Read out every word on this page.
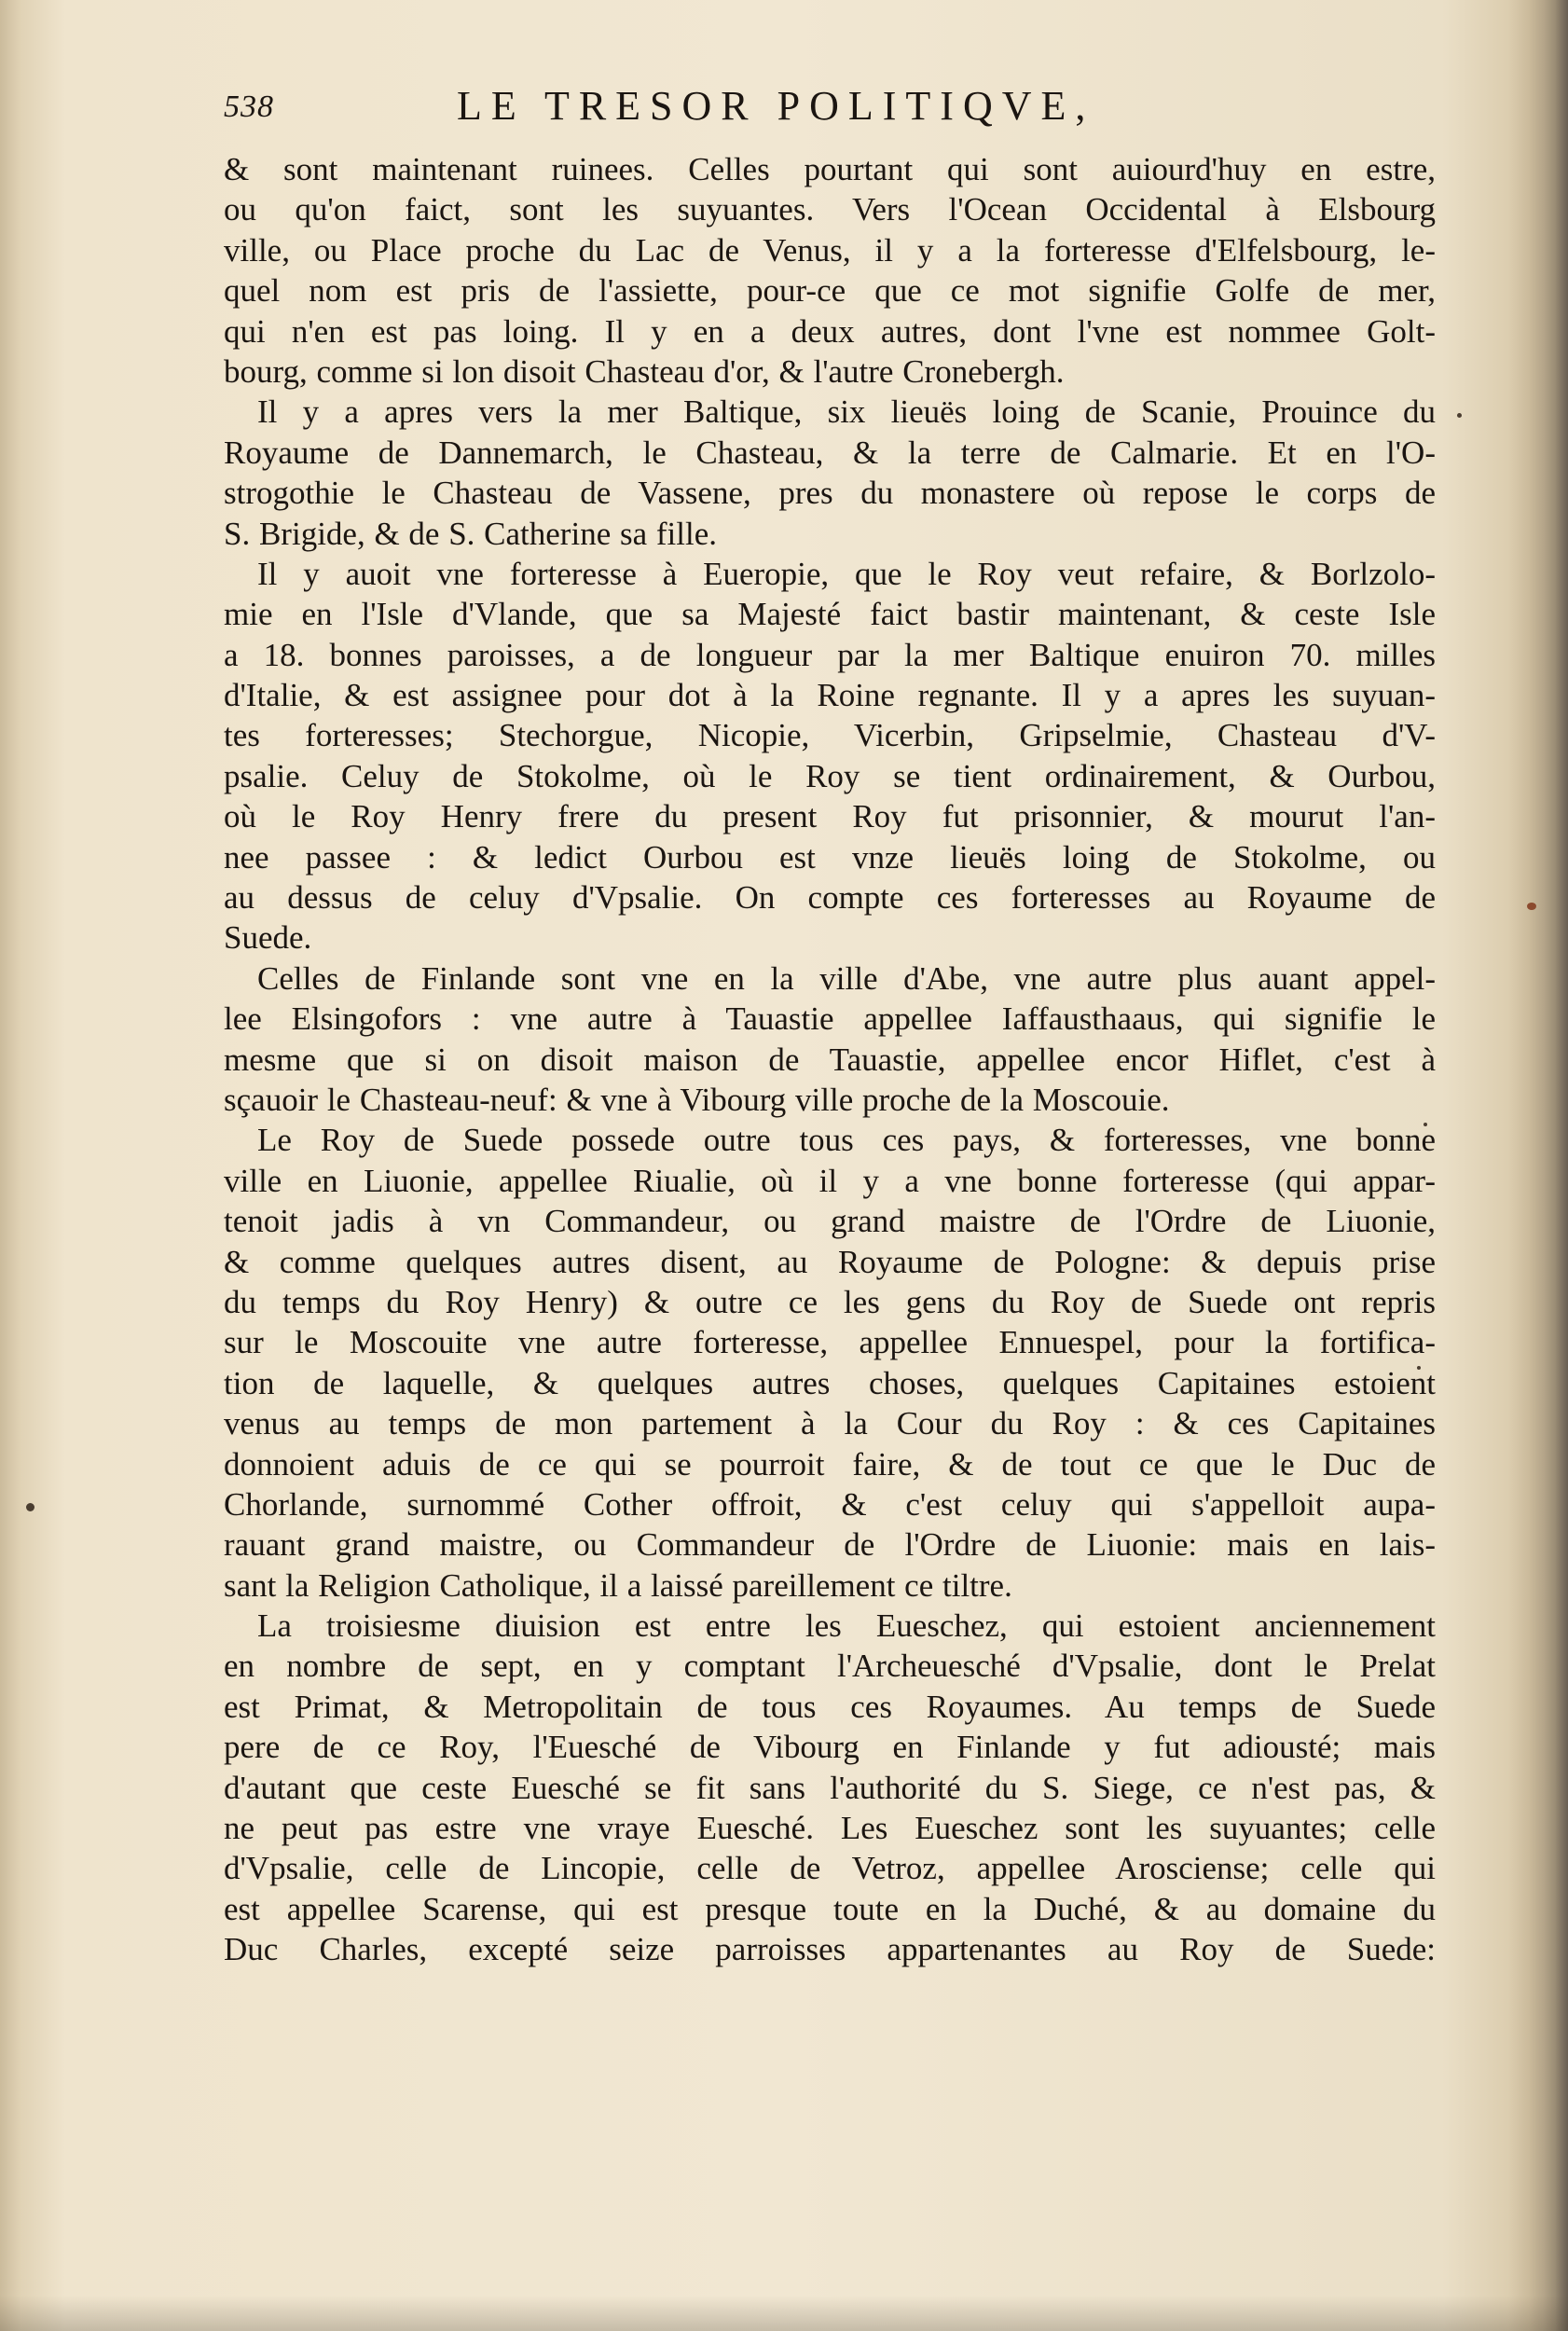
538	LE TRESOR POLITIQVE,
& sont maintenant ruinees. Celles pourtant qui sont auiourd'huy en estre,
ou qu'on faict, sont les suyuantes. Vers l'Ocean Occidental à Elsbourg
ville, ou Place proche du Lac de Venus, il y a la forteresse d'Elfelsbourg, le-
quel nom est pris de l'assiette, pour-ce que ce mot signifie Golfe de mer,
qui n'en est pas loing. Il y en a deux autres, dont l'vne est nommee Golt-
bourg, comme si lon disoit Chasteau d'or, & l'autre Cronebergh.
Il y a apres vers la mer Baltique, six lieuës loing de Scanie, Prouince du
Royaume de Dannemarch, le Chasteau, & la terre de Calmarie. Et en l'O-
strogothie le Chasteau de Vassene, pres du monastere où repose le corps de
S. Brigide, & de S. Catherine sa fille.
Il y auoit vne forteresse à Eueropie, que le Roy veut refaire, & Borlzolo-
mie en l'Isle d'Vlande, que sa Majesté faict bastir maintenant, & ceste Isle
a 18. bonnes paroisses, a de longueur par la mer Baltique enuiron 70. milles
d'Italie, & est assignee pour dot à la Roine regnante. Il y a apres les suyuan-
tes forteresses; Stechorgue, Nicopie, Vicerbin, Gripselmie, Chasteau d'V-
psalie. Celuy de Stokolme, où le Roy se tient ordinairement, & Ourbou,
où le Roy Henry frere du present Roy fut prisonnier, & mourut l'an-
nee passee : & ledict Ourbou est vnze lieuës loing de Stokolme, ou
au dessus de celuy d'Vpsalie. On compte ces forteresses au Royaume de
Suede.
Celles de Finlande sont vne en la ville d'Abe, vne autre plus auant appel-
lee Elsingofors : vne autre à Tauastie appellee Iaffausthaaus, qui signifie le
mesme que si on disoit maison de Tauastie, appellee encor Hiflet, c'est à
sçauoir le Chasteau-neuf: & vne à Vibourg ville proche de la Moscouie.
Le Roy de Suede possede outre tous ces pays, & forteresses, vne bonne
ville en Liuonie, appellee Riualie, où il y a vne bonne forteresse (qui appar-
tenoit jadis à vn Commandeur, ou grand maistre de l'Ordre de Liuonie,
& comme quelques autres disent, au Royaume de Pologne: & depuis prise
du temps du Roy Henry) & outre ce les gens du Roy de Suede ont repris
sur le Moscouite vne autre forteresse, appellee Ennuespel, pour la fortifica-
tion de laquelle, & quelques autres choses, quelques Capitaines estoient
venus au temps de mon partement à la Cour du Roy : & ces Capitaines
donnoient aduis de ce qui se pourroit faire, & de tout ce que le Duc de
Chorlande, surnommé Cother offroit, & c'est celuy qui s'appelloit aupa-
rauant grand maistre, ou Commandeur de l'Ordre de Liuonie: mais en lais-
sant la Religion Catholique, il a laissé pareillement ce tiltre.
La troisiesme diuision est entre les Eueschez, qui estoient anciennement
en nombre de sept, en y comptant l'Archeuesché d'Vpsalie, dont le Prelat
est Primat, & Metropolitain de tous ces Royaumes. Au temps de Suede
pere de ce Roy, l'Euesché de Vibourg en Finlande y fut adiousté; mais
d'autant que ceste Euesché se fit sans l'authorité du S. Siege, ce n'est pas, &
ne peut pas estre vne vraye Euesché. Les Eueschez sont les suyuantes; celle
d'Vpsalie, celle de Lincopie, celle de Vetroz, appellee Arosciense; celle qui
est appellee Scarense, qui est presque toute en la Duché, & au domaine du
Duc Charles, excepté seize parroisses appartenantes au Roy de Suede:
